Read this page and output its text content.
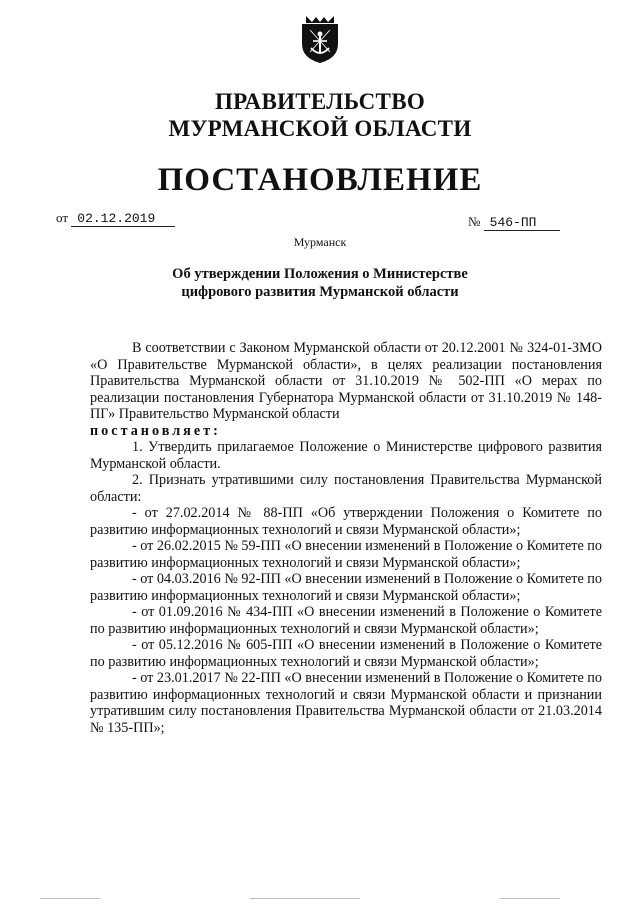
ПРАВИТЕЛЬСТВО
МУРМАНСКОЙ ОБЛАСТИ
ПОСТАНОВЛЕНИЕ
от 02.12.2019	№ 546-ПП
Мурманск
Об утверждении Положения о Министерстве
цифрового развития Мурманской области

В соответствии с Законом Мурманской области от 20.12.2001 № 324-01-ЗМО «О Правительстве Мурманской области», в целях реализации постановления Правительства Мурманской области от 31.10.2019 № 502-ПП «О мерах по реализации постановления Губернатора Мурманской области от 31.10.2019 № 148-ПГ» Правительство Мурманской области

постановляет:

1. Утвердить прилагаемое Положение о Министерстве цифрового развития Мурманской области.

2. Признать утратившими силу постановления Правительства Мурманской области:

- от 27.02.2014 № 88-ПП «Об утверждении Положения о Комитете по развитию информационных технологий и связи Мурманской области»;

- от 26.02.2015 № 59-ПП «О внесении изменений в Положение о Комитете по развитию информационных технологий и связи Мурманской области»;

- от 04.03.2016 № 92-ПП «О внесении изменений в Положение о Комитете по развитию информационных технологий и связи Мурманской области»;

- от 01.09.2016 № 434-ПП «О внесении изменений в Положение о Комитете по развитию информационных технологий и связи Мурманской области»;

- от 05.12.2016 № 605-ПП «О внесении изменений в Положение о Комитете по развитию информационных технологий и связи Мурманской области»;

- от 23.01.2017 № 22-ПП «О внесении изменений в Положение о Комитете по развитию информационных технологий и связи Мурманской области и признании утратившим силу постановления Правительства Мурманской области от 21.03.2014 № 135-ПП»;
